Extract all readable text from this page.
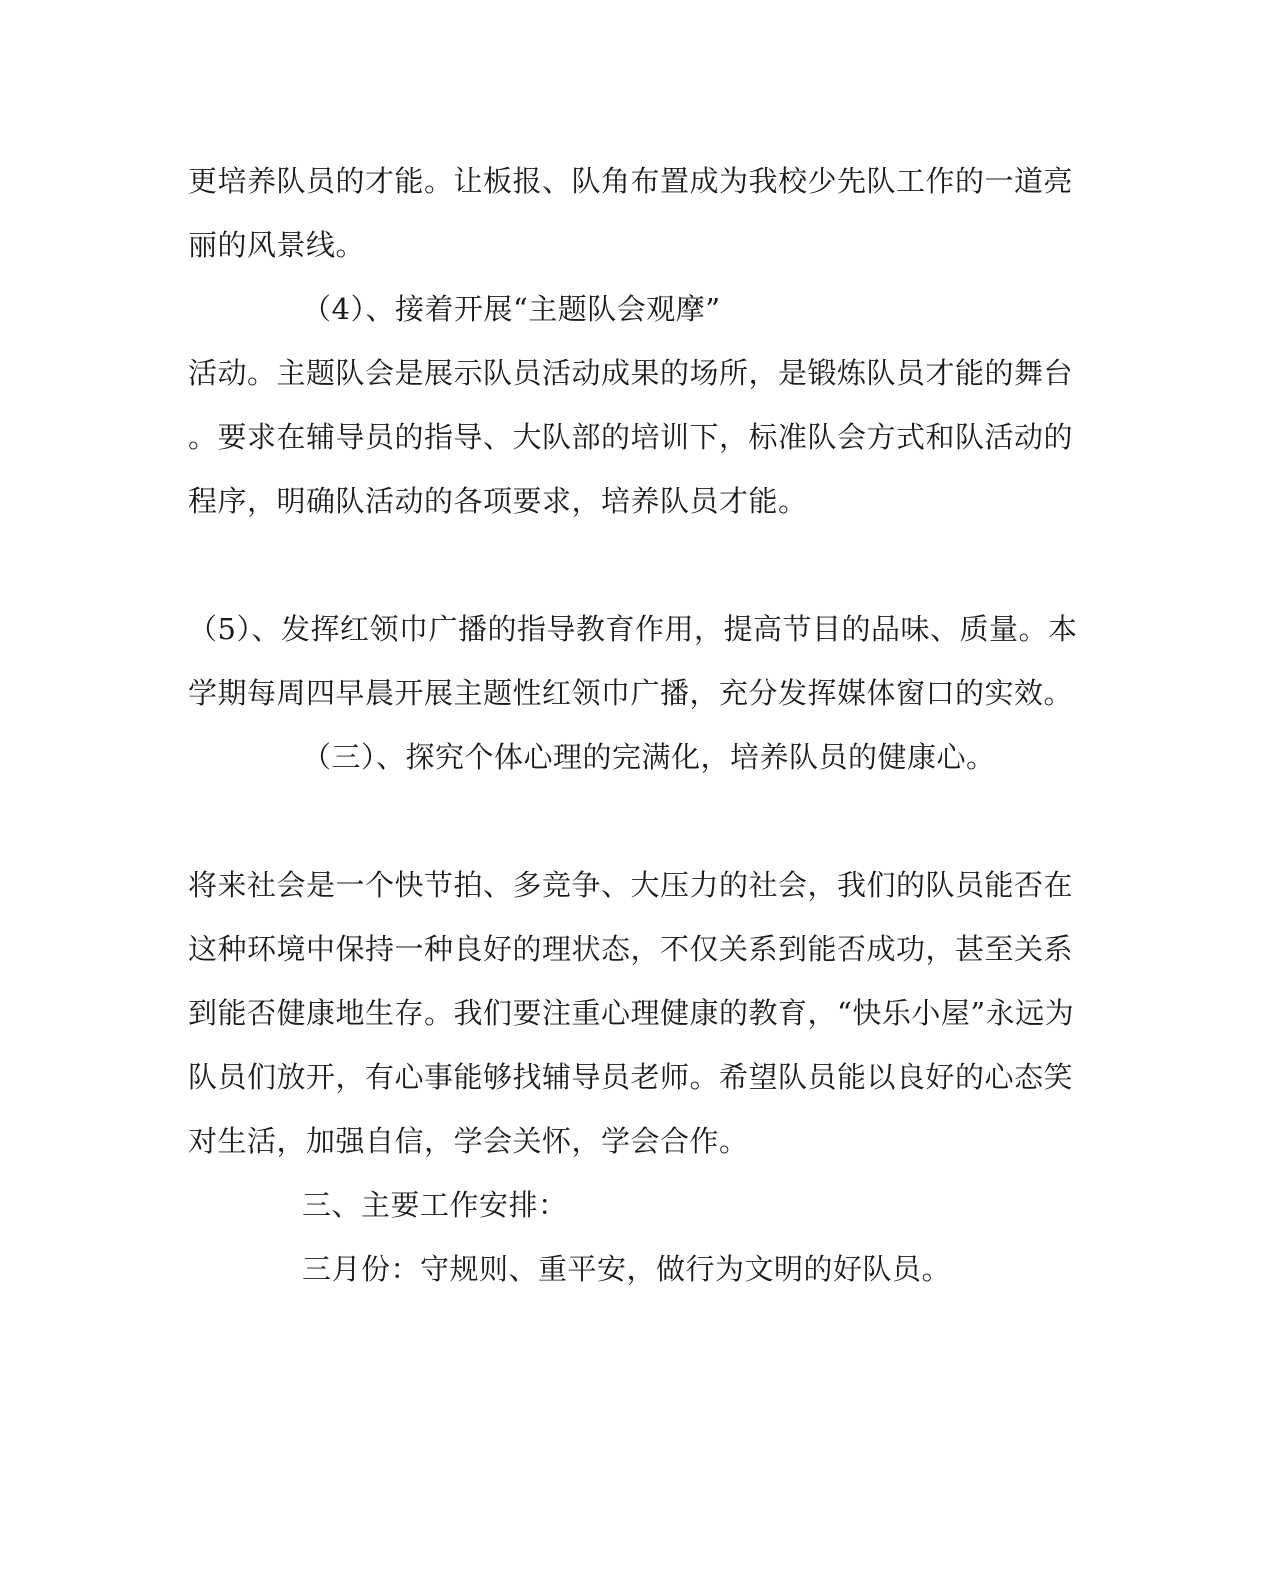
更培养队员的才能。让板报、队角布置成为我校少先队工作的一道亮
丽的风景线。
（4）、接着开展“主题队会观摩”
活动。主题队会是展示队员活动成果的场所，是锻炼队员才能的舞台
。要求在辅导员的指导、大队部的培训下，标准队会方式和队活动的
程序，明确队活动的各项要求，培养队员才能。
（5）、发挥红领巾广播的指导教育作用，提高节目的品味、质量。本
学期每周四早晨开展主题性红领巾广播，充分发挥媒体窗口的实效。
（三）、探究个体心理的完满化，培养队员的健康心。
将来社会是一个快节拍、多竞争、大压力的社会，我们的队员能否在
这种环境中保持一种良好的理状态，不仅关系到能否成功，甚至关系
到能否健康地生存。我们要注重心理健康的教育，“快乐小屋”永远为
队员们放开，有心事能够找辅导员老师。希望队员能以良好的心态笑
对生活，加强自信，学会关怀，学会合作。
三、主要工作安排：
三月份：守规则、重平安，做行为文明的好队员。
